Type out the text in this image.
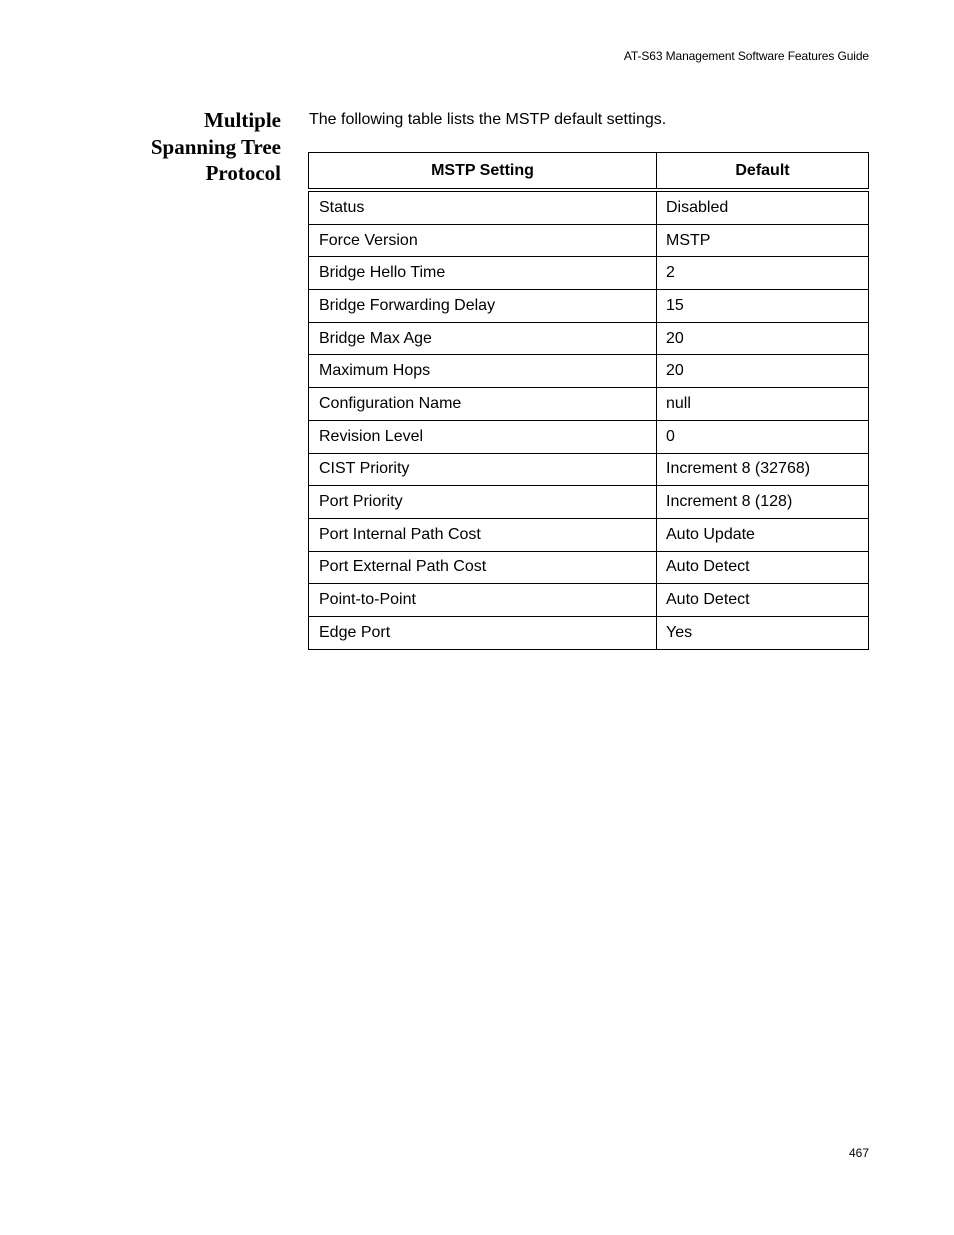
AT-S63 Management Software Features Guide
Multiple
Spanning Tree
Protocol
The following table lists the MSTP default settings.
MSTP Setting	Default
Status	Disabled
Force Version	MSTP
Bridge Hello Time	2
Bridge Forwarding Delay	15
Bridge Max Age	20
Maximum Hops	20
Configuration Name	null
Revision Level	0
CIST Priority	Increment 8 (32768)
Port Priority	Increment 8 (128)
Port Internal Path Cost	Auto Update
Port External Path Cost	Auto Detect
Point-to-Point	Auto Detect
Edge Port	Yes
467
